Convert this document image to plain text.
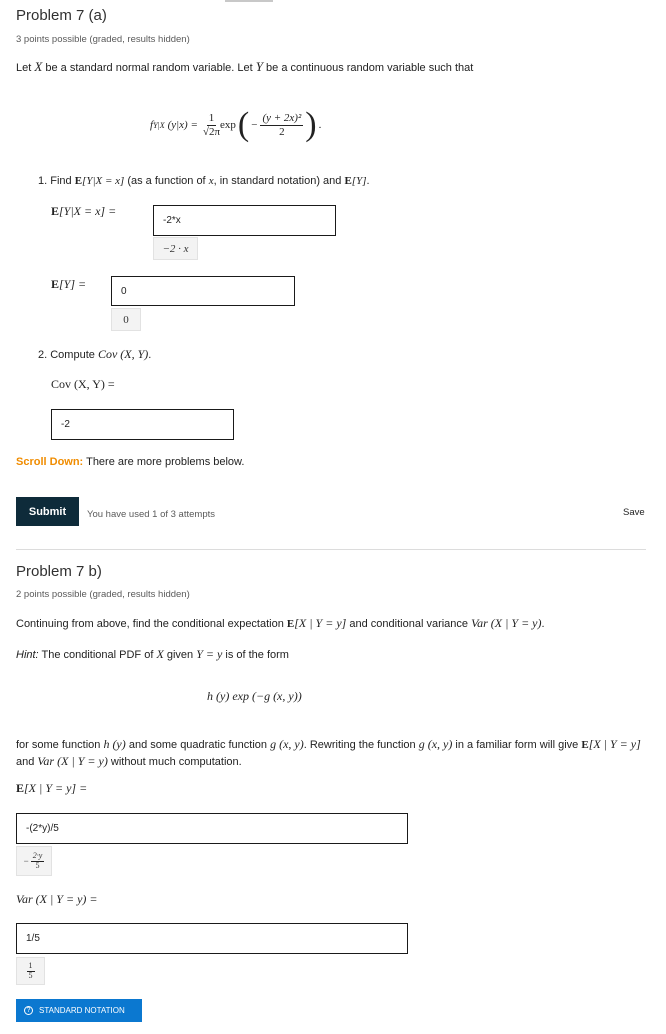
Problem 7 (a)
3 points possible (graded, results hidden)
Let X be a standard normal random variable. Let Y be a continuous random variable such that
f Y|X $(y|x) = \frac{1}{√2\pi}$ exp ( − $\frac{\text{(y + 2x)²}}{2}$ ) .
1. Find E[Y|X = x] (as a function of x, in standard notation) and E[Y].
E[Y|X = x] =
-2*x
−2 · x
E[Y] =	0
0
2. Compute Cov (X, Y).
Cov (X, Y) =
-2
Scroll Down: There are more problems below.
Submit	You have used 1 of 3 attempts	Save
Problem 7 b)
2 points possible (graded, results hidden)
Continuing from above, find the conditional expectation E[X | Y = y] and conditional variance Var (X | Y = y).
Hint: The conditional PDF of X given Y = y is of the form
h (y) exp (−g (x, y))
for some function h (y) and some quadratic function g (x, y). Rewriting the function g (x, y) in a familiar form will give E[X | Y = y] and Var (X | Y = y) without much computation.
E[X | Y = y] =
-(2*y)/5
− $\frac{2\cdot y}{5}$
Var (X | Y = y) =
1/5
$\frac{1}{5}$
?	STANDARD NOTATION
